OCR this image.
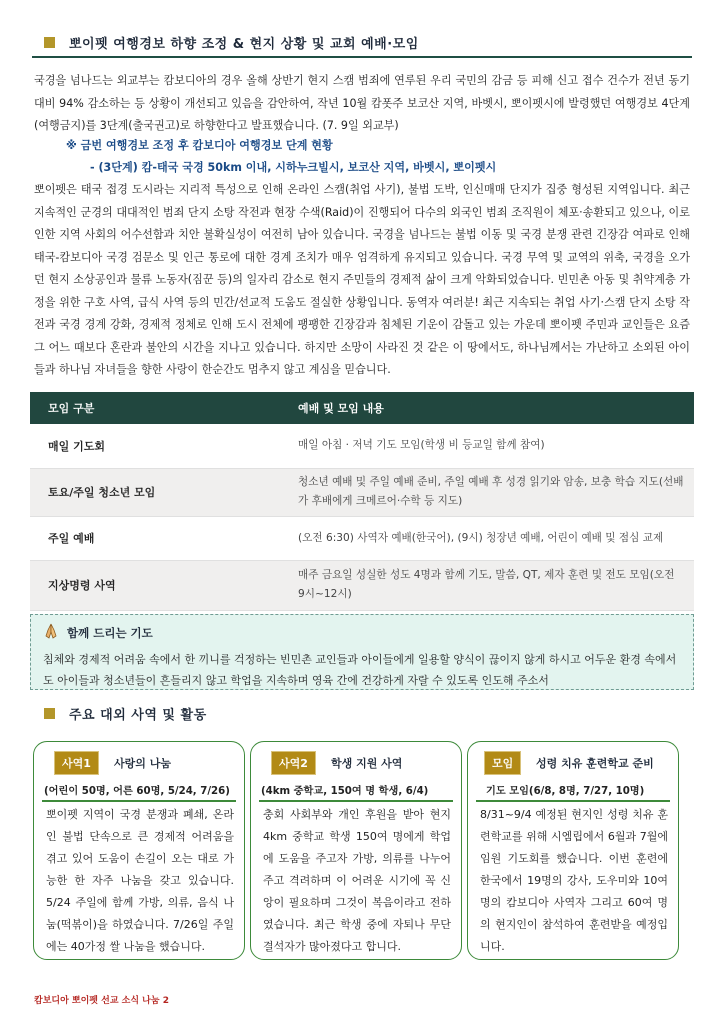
뽀이펫 여행경보 하향 조정 & 현지 상황 및 교회 예배·모임
국경을 넘나드는 외교부는 캄보디아의 경우 올해 상반기 현지 스캠 범죄에 연루된 우리 국민의 감금 등 피해 신고 접수 건수가 전년 동기 대비 94% 감소하는 등 상황이 개선되고 있음을 감안하여, 작년 10월 캄폿주 보코산 지역, 바벳시, 뽀이펫시에 발령했던 여행경보 4단계(여행금지)를 3단계(출국권고)로 하향한다고 발표했습니다. (7. 9일 외교부)
※ 금번 여행경보 조정 후 캄보디아 여행경보 단계 현황
- (3단계) 캄-태국 국경 50km 이내, 시하누크빌시, 보코산 지역, 바벳시, 뽀이펫시
뽀이펫은 태국 접경 도시라는 지리적 특성으로 인해 온라인 스캠(취업 사기), 불법 도박, 인신매매 단지가 집중 형성된 지역입니다. 최근 지속적인 군경의 대대적인 범죄 단지 소탕 작전과 현장 수색(Raid)이 진행되어 다수의 외국인 범죄 조직원이 체포·송환되고 있으나, 이로 인한 지역 사회의 어수선함과 치안 불확실성이 여전히 남아 있습니다. 국경을 넘나드는 불법 이동 및 국경 분쟁 관련 긴장감 여파로 인해 태국-캄보디아 국경 검문소 및 인근 통로에 대한 경계 조치가 매우 엄격하게 유지되고 있습니다. 국경 무역 및 교역의 위축, 국경을 오가던 현지 소상공인과 물류 노동자(짐꾼 등)의 일자리 감소로 현지 주민들의 경제적 삶이 크게 악화되었습니다. 빈민촌 아동 및 취약계층 가정을 위한 구호 사역, 급식 사역 등의 민간/선교적 도움도 절실한 상황입니다. 동역자 여러분! 최근 지속되는 취업 사기·스캠 단지 소탕 작전과 국경 경계 강화, 경제적 정체로 인해 도시 전체에 팽팽한 긴장감과 침체된 기운이 감돌고 있는 가운데 뽀이펫 주민과 교인들은 요즘 그 어느 때보다 혼란과 불안의 시간을 지나고 있습니다. 하지만 소망이 사라진 것 같은 이 땅에서도, 하나님께서는 가난하고 소외된 아이들과 하나님 자녀들을 향한 사랑이 한순간도 멈추지 않고 계심을 믿습니다.
모임 구분	예배 및 모임 내용
매일 기도회	매일 아침 · 저녁 기도 모임(학생 비 등교일 함께 참여)
토요/주일 청소년 모임	청소년 예배 및 주일 예배 준비, 주일 예배 후 성경 읽기와 암송, 보충 학습 지도(선배가 후배에게 크메르어·수학 등 지도)
주일 예배	(오전 6:30) 사역자 예배(한국어), (9시) 청장년 예배, 어린이 예배 및 점심 교제
지상명령 사역	매주 금요일 성실한 성도 4명과 함께 기도, 말씀, QT, 제자 훈련 및 전도 모임(오전 9시~12시)
함께 드리는 기도
침체와 경제적 어려움 속에서 한 끼니를 걱정하는 빈민촌 교인들과 아이들에게 일용할 양식이 끊이지 않게 하시고 어두운 환경 속에서도 아이들과 청소년들이 흔들리지 않고 학업을 지속하며 영육 간에 건강하게 자랄 수 있도록 인도해 주소서
주요 대외 사역 및 활동
사역1	사랑의 나눔
(어린이 50명, 어른 60명, 5/24, 7/26)
뽀이펫 지역이 국경 분쟁과 폐쇄, 온라인 불법 단속으로 큰 경제적 어려움을 겪고 있어 도움이 손길이 오는 대로 가능한 한 자주 나눔을 갖고 있습니다. 5/24 주일에 함께 가방, 의류, 음식 나눔(떡볶이)을 하였습니다. 7/26일 주일에는 40가정 쌀 나눔을 했습니다.
사역2	학생 지원 사역
(4km 중학교, 150여 명 학생, 6/4)
충회 사회부와 개인 후원을 받아 현지 4km 중학교 학생 150여 명에게 학업에 도움을 주고자 가방, 의류를 나누어 주고 격려하며 이 어려운 시기에 꼭 신앙이 필요하며 그것이 복음이라고 전하였습니다. 최근 학생 중에 자퇴나 무단 결석자가 많아졌다고 합니다.
모임	성령 치유 훈련학교 준비
기도 모임(6/8, 8명, 7/27, 10명)
8/31~9/4 예정된 현지인 성령 치유 훈련학교를 위해 시엠립에서 6월과 7월에 임원 기도회를 했습니다. 이번 훈련에 한국에서 19명의 강사, 도우미와 10여 명의 캄보디아 사역자 그리고 60여 명의 현지인이 참석하여 훈련받을 예정입니다.
캄보디아 뽀이펫 선교 소식 나눔 2
